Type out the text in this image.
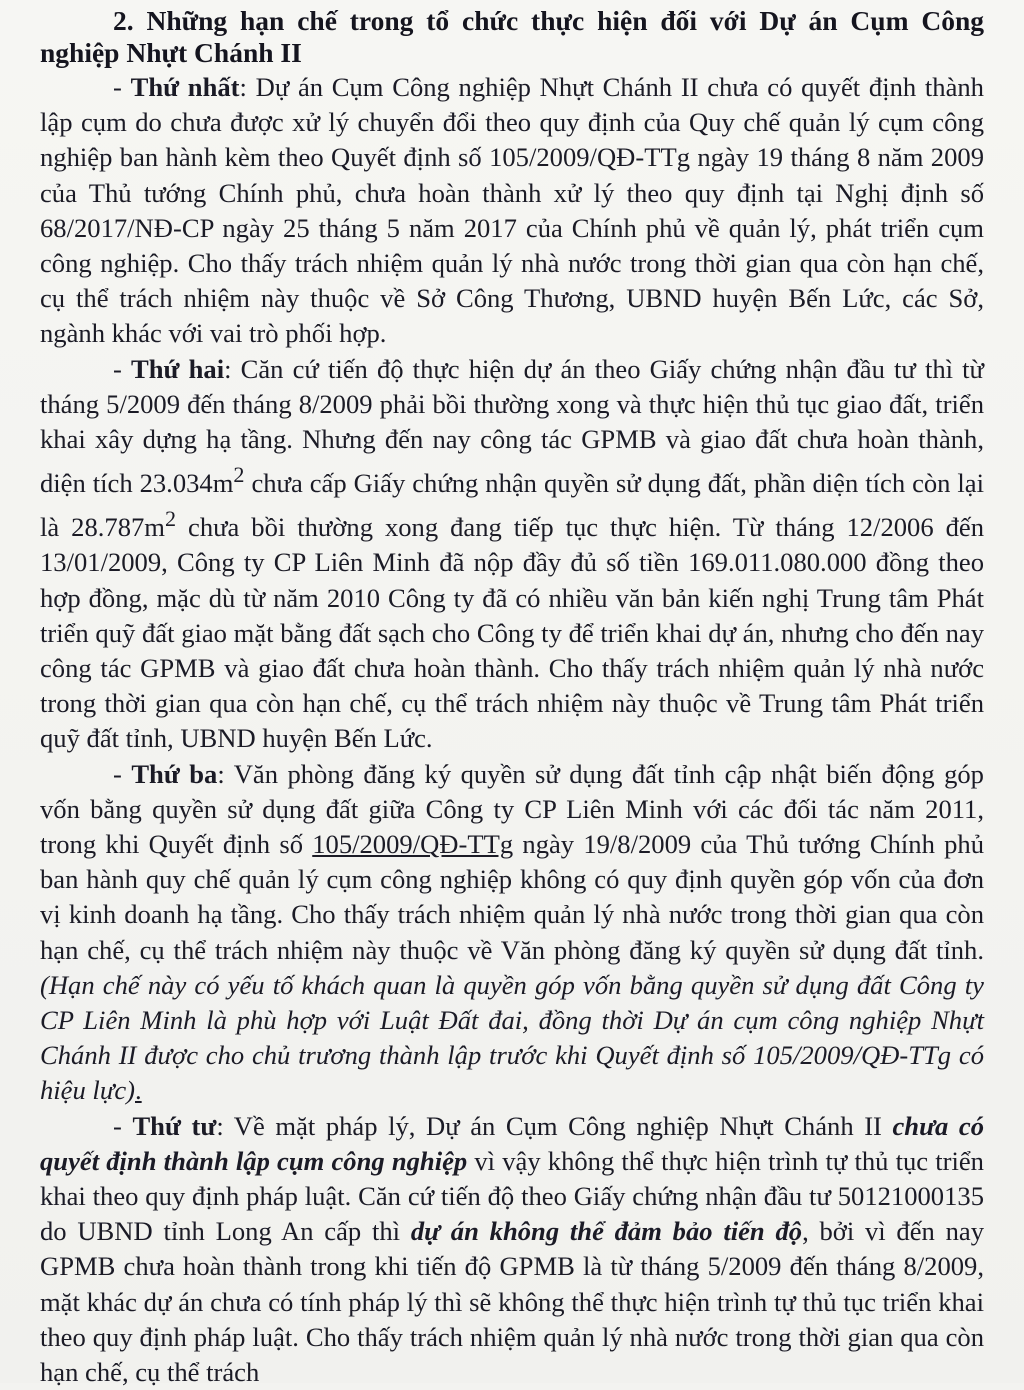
2. Những hạn chế trong tổ chức thực hiện đối với Dự án Cụm Công nghiệp Nhựt Chánh II

- Thứ nhất: Dự án Cụm Công nghiệp Nhựt Chánh II chưa có quyết định thành lập cụm do chưa được xử lý chuyển đổi theo quy định của Quy chế quản lý cụm công nghiệp ban hành kèm theo Quyết định số 105/2009/QĐ-TTg ngày 19 tháng 8 năm 2009 của Thủ tướng Chính phủ, chưa hoàn thành xử lý theo quy định tại Nghị định số 68/2017/NĐ-CP ngày 25 tháng 5 năm 2017 của Chính phủ về quản lý, phát triển cụm công nghiệp. Cho thấy trách nhiệm quản lý nhà nước trong thời gian qua còn hạn chế, cụ thể trách nhiệm này thuộc về Sở Công Thương, UBND huyện Bến Lức, các Sở, ngành khác với vai trò phối hợp.

- Thứ hai: Căn cứ tiến độ thực hiện dự án theo Giấy chứng nhận đầu tư thì từ tháng 5/2009 đến tháng 8/2009 phải bồi thường xong và thực hiện thủ tục giao đất, triển khai xây dựng hạ tầng. Nhưng đến nay công tác GPMB và giao đất chưa hoàn thành, diện tích $23.034m^2$ chưa cấp Giấy chứng nhận quyền sử dụng đất, phần diện tích còn lại là $28.787m^2$ chưa bồi thường xong đang tiếp tục thực hiện. Từ tháng 12/2006 đến 13/01/2009, Công ty CP Liên Minh đã nộp đầy đủ số tiền 169.011.080.000 đồng theo hợp đồng, mặc dù từ năm 2010 Công ty đã có nhiều văn bản kiến nghị Trung tâm Phát triển quỹ đất giao mặt bằng đất sạch cho Công ty để triển khai dự án, nhưng cho đến nay công tác GPMB và giao đất chưa hoàn thành. Cho thấy trách nhiệm quản lý nhà nước trong thời gian qua còn hạn chế, cụ thể trách nhiệm này thuộc về Trung tâm Phát triển quỹ đất tỉnh, UBND huyện Bến Lức.

- Thứ ba: Văn phòng đăng ký quyền sử dụng đất tỉnh cập nhật biến động góp vốn bằng quyền sử dụng đất giữa Công ty CP Liên Minh với các đối tác năm 2011, trong khi Quyết định số 105/2009/QĐ-TTg ngày 19/8/2009 của Thủ tướng Chính phủ ban hành quy chế quản lý cụm công nghiệp không có quy định quyền góp vốn của đơn vị kinh doanh hạ tầng. Cho thấy trách nhiệm quản lý nhà nước trong thời gian qua còn hạn chế, cụ thể trách nhiệm này thuộc về Văn phòng đăng ký quyền sử dụng đất tỉnh. (Hạn chế này có yếu tố khách quan là quyền góp vốn bằng quyền sử dụng đất Công ty CP Liên Minh là phù hợp với Luật Đất đai, đồng thời Dự án cụm công nghiệp Nhựt Chánh II được cho chủ trương thành lập trước khi Quyết định số 105/2009/QĐ-TTg có hiệu lực).

- Thứ tư: Về mặt pháp lý, Dự án Cụm Công nghiệp Nhựt Chánh II chưa có quyết định thành lập cụm công nghiệp vì vậy không thể thực hiện trình tự thủ tục triển khai theo quy định pháp luật. Căn cứ tiến độ theo Giấy chứng nhận đầu tư 50121000135 do UBND tỉnh Long An cấp thì dự án không thể đảm bảo tiến độ, bởi vì đến nay GPMB chưa hoàn thành trong khi tiến độ GPMB là từ tháng 5/2009 đến tháng 8/2009, mặt khác dự án chưa có tính pháp lý thì sẽ không thể thực hiện trình tự thủ tục triển khai theo quy định pháp luật. Cho thấy trách nhiệm quản lý nhà nước trong thời gian qua còn hạn chế, cụ thể trách
